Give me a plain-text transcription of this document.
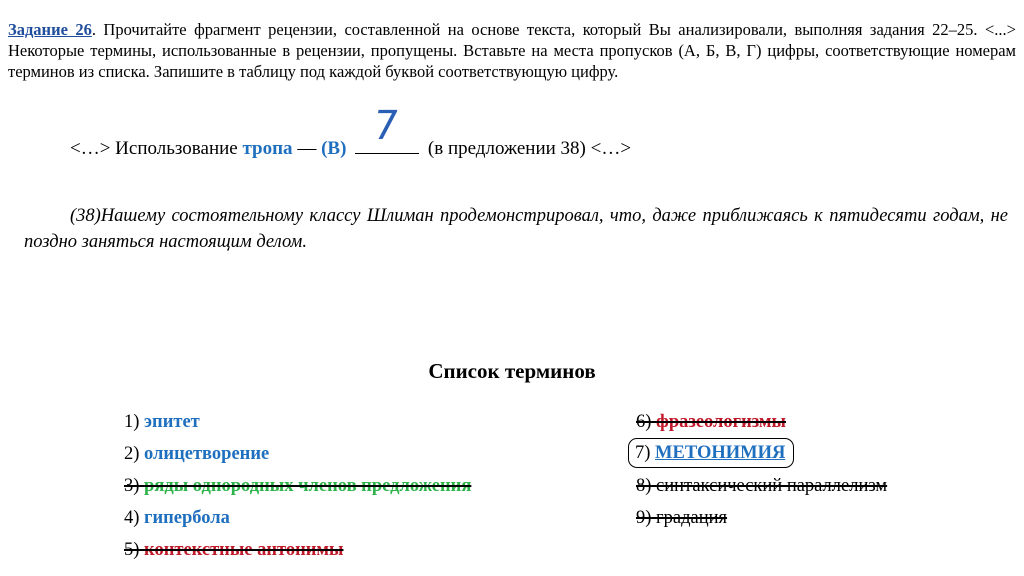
Задание 26. Прочитайте фрагмент рецензии, составленной на основе текста, который Вы анализировали, выполняя задания 22–25. <...> Некоторые термины, использованные в рецензии, пропущены. Вставьте на места пропусков (А, Б, В, Г) цифры, соответствующие номерам терминов из списка. Запишите в таблицу под каждой буквой соответствующую цифру.
<…> Использование тропа — (В) 7 (в предложении 38) <…>
(38)Нашему состоятельному классу Шлиман продемонстрировал, что, даже приближаясь к пятидесяти годам, не поздно заняться настоящим делом.
Список терминов
1) эпитет
2) олицетворение
3) ряды однородных членов предложения
4) гипербола
5) контекстные антонимы
6) фразеологизмы
7) МЕТОНИМИЯ
8) синтаксический параллелизм
9) градация
